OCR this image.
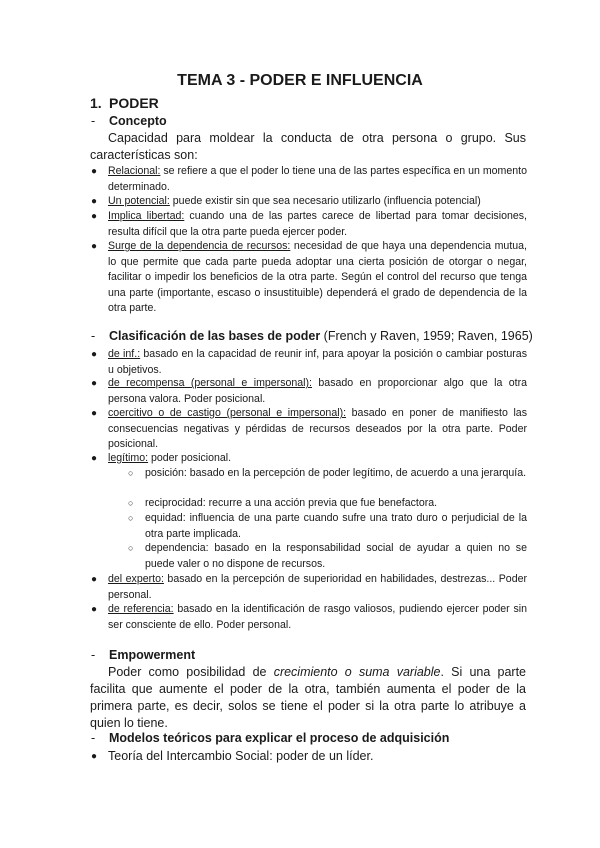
TEMA 3 - PODER E INFLUENCIA
1. PODER
- Concepto
Capacidad para moldear la conducta de otra persona o grupo. Sus características son:
● Relacional: se refiere a que el poder lo tiene una de las partes específica en un momento determinado.
● Un potencial: puede existir sin que sea necesario utilizarlo (influencia potencial)
● Implica libertad: cuando una de las partes carece de libertad para tomar decisiones, resulta difícil que la otra parte pueda ejercer poder.
● Surge de la dependencia de recursos: necesidad de que haya una dependencia mutua, lo que permite que cada parte pueda adoptar una cierta posición de otorgar o negar, facilitar o impedir los beneficios de la otra parte. Según el control del recurso que tenga una parte (importante, escaso o insustituible) dependerá el grado de dependencia de la otra parte.
- Clasificación de las bases de poder (French y Raven, 1959; Raven, 1965)
● de inf.: basado en la capacidad de reunir inf, para apoyar la posición o cambiar posturas u objetivos.
● de recompensa (personal e impersonal): basado en proporcionar algo que la otra persona valora. Poder posicional.
● coercitivo o de castigo (personal e impersonal): basado en poner de manifiesto las consecuencias negativas y pérdidas de recursos deseados por la otra parte. Poder posicional.
● legítimo: poder posicional.
○ posición: basado en la percepción de poder legítimo, de acuerdo a una jerarquía.
○ reciprocidad: recurre a una acción previa que fue benefactora.
○ equidad: influencia de una parte cuando sufre una trato duro o perjudicial de la otra parte implicada.
○ dependencia: basado en la responsabilidad social de ayudar a quien no se puede valer o no dispone de recursos.
● del experto: basado en la percepción de superioridad en habilidades, destrezas... Poder personal.
● de referencia: basado en la identificación de rasgo valiosos, pudiendo ejercer poder sin ser consciente de ello. Poder personal.
- Empowerment
Poder como posibilidad de crecimiento o suma variable. Si una parte facilita que aumente el poder de la otra, también aumenta el poder de la primera parte, es decir, solos se tiene el poder si la otra parte lo atribuye a quien lo tiene.
- Modelos teóricos para explicar el proceso de adquisición
● Teoría del Intercambio Social: poder de un líder.
